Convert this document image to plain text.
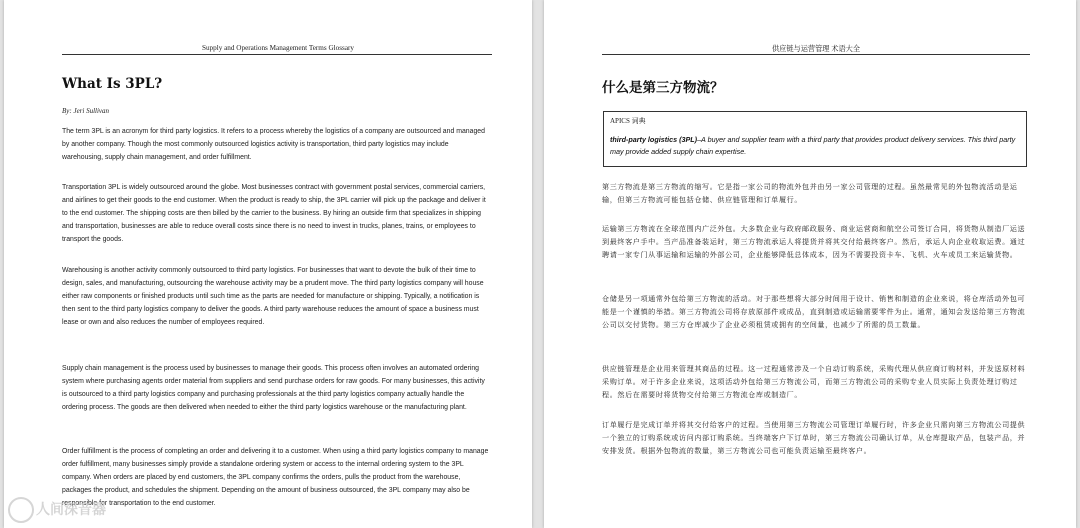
Supply and Operations Management Terms Glossary
What Is 3PL?
By: Jeri Sullivan

The term 3PL is an acronym for third party logistics. It refers to a process whereby the logistics of a company are outsourced and managed by another company. Though the most commonly outsourced logistics activity is transportation, third party logistics may include warehousing, supply chain management, and order fulfillment.

Transportation 3PL is widely outsourced around the globe. Most businesses contract with government postal services, commercial carriers, and airlines to get their goods to the end customer. When the product is ready to ship, the 3PL carrier will pick up the package and deliver it to the end customer. The shipping costs are then billed by the carrier to the business. By hiring an outside firm that specializes in shipping and transportation, businesses are able to reduce overall costs since there is no need to invest in trucks, planes, trains, or employees to transport the goods.

Warehousing is another activity commonly outsourced to third party logistics. For businesses that want to devote the bulk of their time to design, sales, and manufacturing, outsourcing the warehouse activity may be a prudent move. The third party logistics company will house either raw components or finished products until such time as the parts are needed for manufacture or shipping. Typically, a notification is then sent to the third party logistics company to deliver the goods. A third party warehouse reduces the amount of space a business must lease or own and also reduces the number of employees required.

Supply chain management is the process used by businesses to manage their goods. This process often involves an automated ordering system where purchasing agents order material from suppliers and send purchase orders for raw goods. For many businesses, this activity is outsourced to a third party logistics company and purchasing professionals at the third party logistics company actually handle the ordering process. The goods are then delivered when needed to either the third party logistics warehouse or the manufacturing plant.

Order fulfillment is the process of completing an order and delivering it to a customer. When using a third party logistics company to manage order fulfillment, many businesses simply provide a standalone ordering system or access to the internal ordering system to the 3PL company. When orders are placed by end customers, the 3PL company confirms the orders, pulls the product from the warehouse, packages the product, and schedules the shipment. Depending on the amount of business outsourced, the 3PL company may also be responsible for transportation to the end customer.

供应链与运营管理 术语大全
什么是第三方物流？
APICS 词典
third-party logistics (3PL)–A buyer and supplier team with a third party that provides product delivery services. This third party may provide added supply chain expertise.

第三方物流是第三方物流的缩写。它是指一家公司的物流外包并由另一家公司管理的过程。虽然最常见的外包物流活动是运输，但第三方物流可能包括仓储、供应链管理和订单履行。

运输第三方物流在全球范围内广泛外包。大多数企业与政府邮政服务、商业运营商和航空公司签订合同，将货物从制造厂运送到最终客户手中。当产品准备装运时，第三方物流承运人将提货并将其交付给最终客户。然后，承运人向企业收取运费。通过聘请一家专门从事运输和运输的外部公司，企业能够降低总体成本，因为不需要投资卡车、飞机、火车或员工来运输货物。

仓储是另一项通常外包给第三方物流的活动。对于那些想将大部分时间用于设计、销售和制造的企业来说，将仓库活动外包可能是一个谨慎的举措。第三方物流公司将存放原部件或成品，直到制造或运输需要零件为止。通常，通知会发送给第三方物流公司以交付货物。第三方仓库减少了企业必须租赁或拥有的空间量，也减少了所需的员工数量。

供应链管理是企业用来管理其商品的过程。这一过程通常涉及一个自动订购系统，采购代理从供应商订购材料，并发送原材料采购订单。对于许多企业来说，这项活动外包给第三方物流公司，而第三方物流公司的采购专业人员实际上负责处理订购过程。然后在需要时将货物交付给第三方物流仓库或制造厂。

订单履行是完成订单并将其交付给客户的过程。当使用第三方物流公司管理订单履行时，许多企业只需向第三方物流公司提供一个独立的订购系统或访问内部订购系统。当终端客户下订单时，第三方物流公司确认订单，从仓库提取产品，包装产品，并安排发货。根据外包物流的数量，第三方物流公司也可能负责运输至最终客户。

人间深音器
